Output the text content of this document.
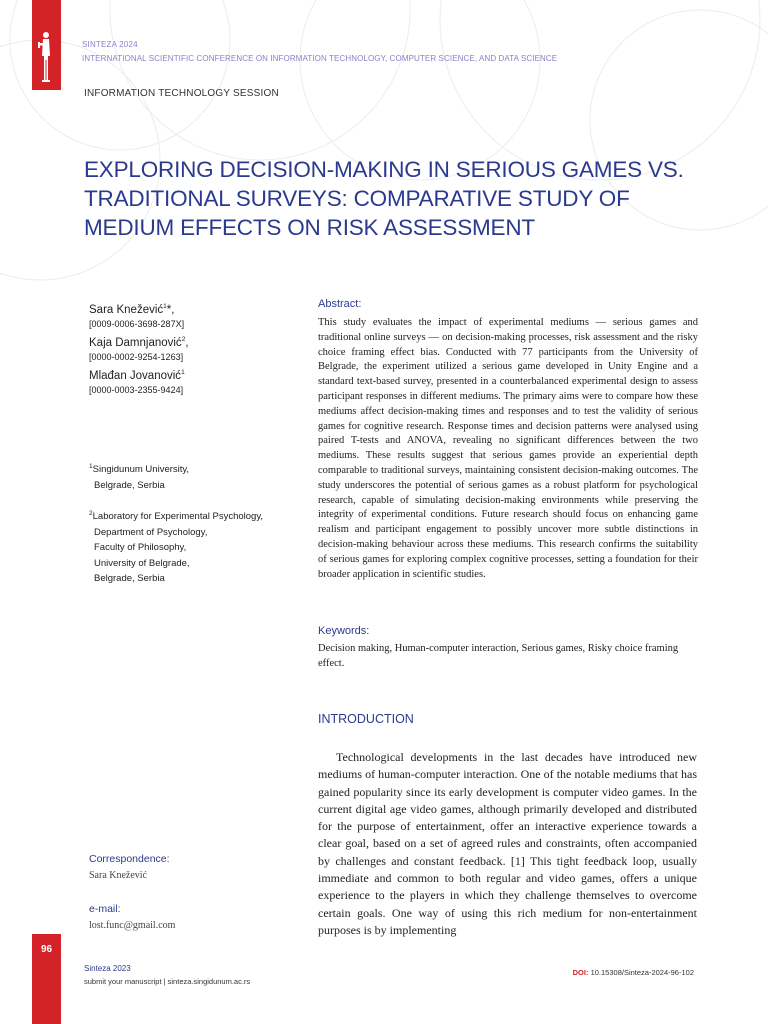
SINTEZA 2024
INTERNATIONAL SCIENTIFIC CONFERENCE ON INFORMATION TECHNOLOGY, COMPUTER SCIENCE, AND DATA SCIENCE
INFORMATION TECHNOLOGY SESSION
EXPLORING DECISION-MAKING IN SERIOUS GAMES VS. TRADITIONAL SURVEYS: COMPARATIVE STUDY OF MEDIUM EFFECTS ON RISK ASSESSMENT
Sara Knežević$^1$*,
[0009-0006-3698-287X]
Kaja Damnjanović$^2$,
[0000-0002-9254-1263]
Mlađan Jovanović$^1$
[0000-0003-2355-9424]
$^1$Singidunum University,
Belgrade, Serbia
$^2$Laboratory for Experimental Psychology,
Department of Psychology,
Faculty of Philosophy,
University of Belgrade,
Belgrade, Serbia
Correspondence:
Sara Knežević
e-mail:
lost.func@gmail.com
Abstract:
This study evaluates the impact of experimental mediums — serious games and traditional online surveys — on decision-making processes, risk assessment and the risky choice framing effect bias. Conducted with 77 participants from the University of Belgrade, the experiment utilized a serious game developed in Unity Engine and a standard text-based survey, presented in a counterbalanced experimental design to assess participant responses in different mediums. The primary aims were to compare how these mediums affect decision-making times and responses and to test the validity of serious games for cognitive research. Response times and decision patterns were analysed using paired T-tests and ANOVA, revealing no significant differences between the two mediums. These results suggest that serious games provide an experiential depth comparable to traditional surveys, maintaining consistent decision-making outcomes. The study underscores the potential of serious games as a robust platform for psychological research, capable of simulating decision-making environments while preserving the integrity of experimental conditions. Future research should focus on enhancing game realism and participant engagement to possibly uncover more subtle distinctions in decision-making behaviour across these mediums. This research confirms the suitability of serious games for exploring complex cognitive processes, setting a foundation for their broader application in scientific studies.
Keywords:
Decision making, Human-computer interaction, Serious games, Risky choice framing effect.
INTRODUCTION
Technological developments in the last decades have introduced new mediums of human-computer interaction. One of the notable mediums that has gained popularity since its early development is computer video games. In the current digital age video games, although primarily developed and distributed for the purpose of entertainment, offer an interactive experience towards a clear goal, based on a set of agreed rules and constraints, often accompanied by challenges and constant feedback. [1] This tight feedback loop, usually immediate and common to both regular and video games, offers a unique experience to the players in which they challenge themselves to overcome certain goals. One way of using this rich medium for non-entertainment purposes is by implementing
96
Sinteza 2023
submit your manuscript | sinteza.singidunum.ac.rs
DOI: 10.15308/Sinteza-2024-96-102
